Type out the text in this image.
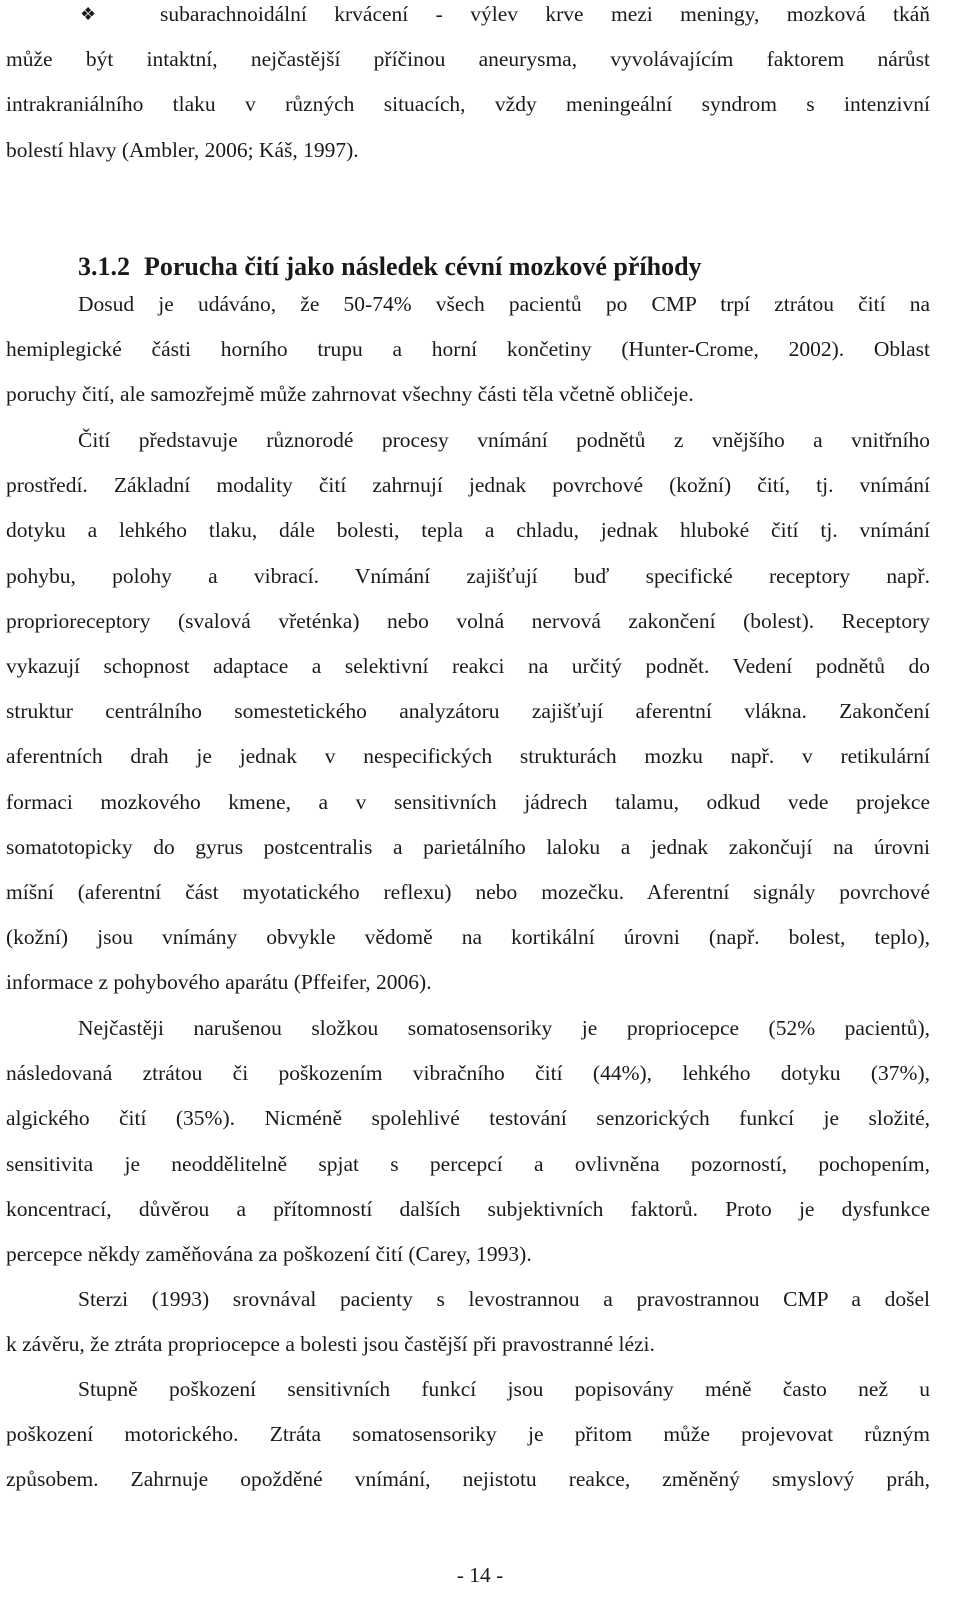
❖	subarachnoidální krvácení - výlev krve mezi meningy, mozková tkáň
může být intaktní, nejčastější příčinou aneurysma, vyvolávajícím faktorem nárůst
intrakraniálního tlaku v různých situacích, vždy meningeální syndrom s intenzivní
bolestí hlavy (Ambler, 2006; Káš, 1997).
3.1.2 Porucha čití jako následek cévní mozkové příhody
Dosud je udáváno, že 50-74% všech pacientů po CMP trpí ztrátou čití na
hemiplegické části horního trupu a horní končetiny (Hunter-Crome, 2002). Oblast
poruchy čití, ale samozřejmě může zahrnovat všechny části těla včetně obličeje.
Čití představuje různorodé procesy vnímání podnětů z vnějšího a vnitřního
prostředí. Základní modality čití zahrnují jednak povrchové (kožní) čití, tj. vnímání
dotyku a lehkého tlaku, dále bolesti, tepla a chladu, jednak hluboké čití tj. vnímání
pohybu, polohy a vibrací. Vnímání zajišťují buď specifické receptory např.
proprioreceptory (svalová vřeténka) nebo volná nervová zakončení (bolest). Receptory
vykazují schopnost adaptace a selektivní reakci na určitý podnět. Vedení podnětů do
struktur centrálního somestetického analyzátoru zajišťují aferentní vlákna. Zakončení
aferentních drah je jednak v nespecifických strukturách mozku např. v retikulární
formaci mozkového kmene, a v sensitivních jádrech talamu, odkud vede projekce
somatotopicky do gyrus postcentralis a parietálního laloku a jednak zakončují na úrovni
míšní (aferentní část myotatického reflexu) nebo mozečku. Aferentní signály povrchové
(kožní) jsou vnímány obvykle vědomě na kortikální úrovni (např. bolest, teplo),
informace z pohybového aparátu (Pffeifer, 2006).
Nejčastěji narušenou složkou somatosensoriky je propriocepce (52% pacientů),
následovaná ztrátou či poškozením vibračního čití (44%), lehkého dotyku (37%),
algického čití (35%). Nicméně spolehlivé testování senzorických funkcí je složité,
sensitivita je neoddělitelně spjat s percepcí a ovlivněna pozorností, pochopením,
koncentrací, důvěrou a přítomností dalších subjektivních faktorů. Proto je dysfunkce
percepce někdy zaměňována za poškození čití (Carey, 1993).
Sterzi (1993) srovnával pacienty s levostrannou a pravostrannou CMP a došel
k závěru, že ztráta propriocepce a bolesti jsou častější při pravostranné lézi.
Stupně poškození sensitivních funkcí jsou popisovány méně často než u
poškození motorického. Ztráta somatosensoriky je přitom může projevovat různým
způsobem. Zahrnuje opožděné vnímání, nejistotu reakce, změněný smyslový práh,
- 14 -
